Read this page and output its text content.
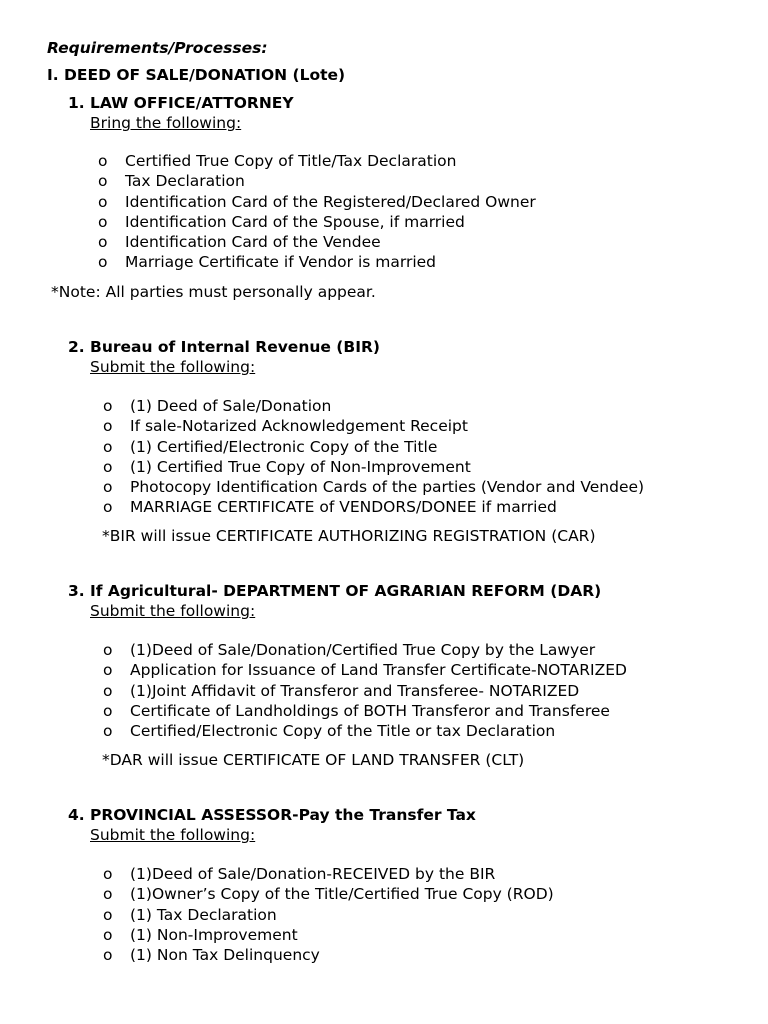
Requirements/Processes:
I. DEED OF SALE/DONATION (Lote)
1. LAW OFFICE/ATTORNEY
Bring the following:
o Certified True Copy of Title/Tax Declaration
o Tax Declaration
o Identification Card of the Registered/Declared Owner
o Identification Card of the Spouse, if married
o Identification Card of the Vendee
o Marriage Certificate if Vendor is married
*Note: All parties must personally appear.
2. Bureau of Internal Revenue (BIR)
Submit the following:
o (1) Deed of Sale/Donation
o If sale-Notarized Acknowledgement Receipt
o (1) Certified/Electronic Copy of the Title
o (1) Certified True Copy of Non-Improvement
o Photocopy Identification Cards of the parties (Vendor and Vendee)
o MARRIAGE CERTIFICATE of VENDORS/DONEE if married
*BIR will issue CERTIFICATE AUTHORIZING REGISTRATION (CAR)
3. If Agricultural- DEPARTMENT OF AGRARIAN REFORM (DAR)
Submit the following:
o (1)Deed of Sale/Donation/Certified True Copy by the Lawyer
o Application for Issuance of Land Transfer Certificate-NOTARIZED
o (1)Joint Affidavit of Transferor and Transferee- NOTARIZED
o Certificate of Landholdings of BOTH Transferor and Transferee
o Certified/Electronic Copy of the Title or tax Declaration
*DAR will issue CERTIFICATE OF LAND TRANSFER (CLT)
4. PROVINCIAL ASSESSOR-Pay the Transfer Tax
Submit the following:
o (1)Deed of Sale/Donation-RECEIVED by the BIR
o (1)Owner’s Copy of the Title/Certified True Copy (ROD)
o (1) Tax Declaration
o (1) Non-Improvement
o (1) Non Tax Delinquency
